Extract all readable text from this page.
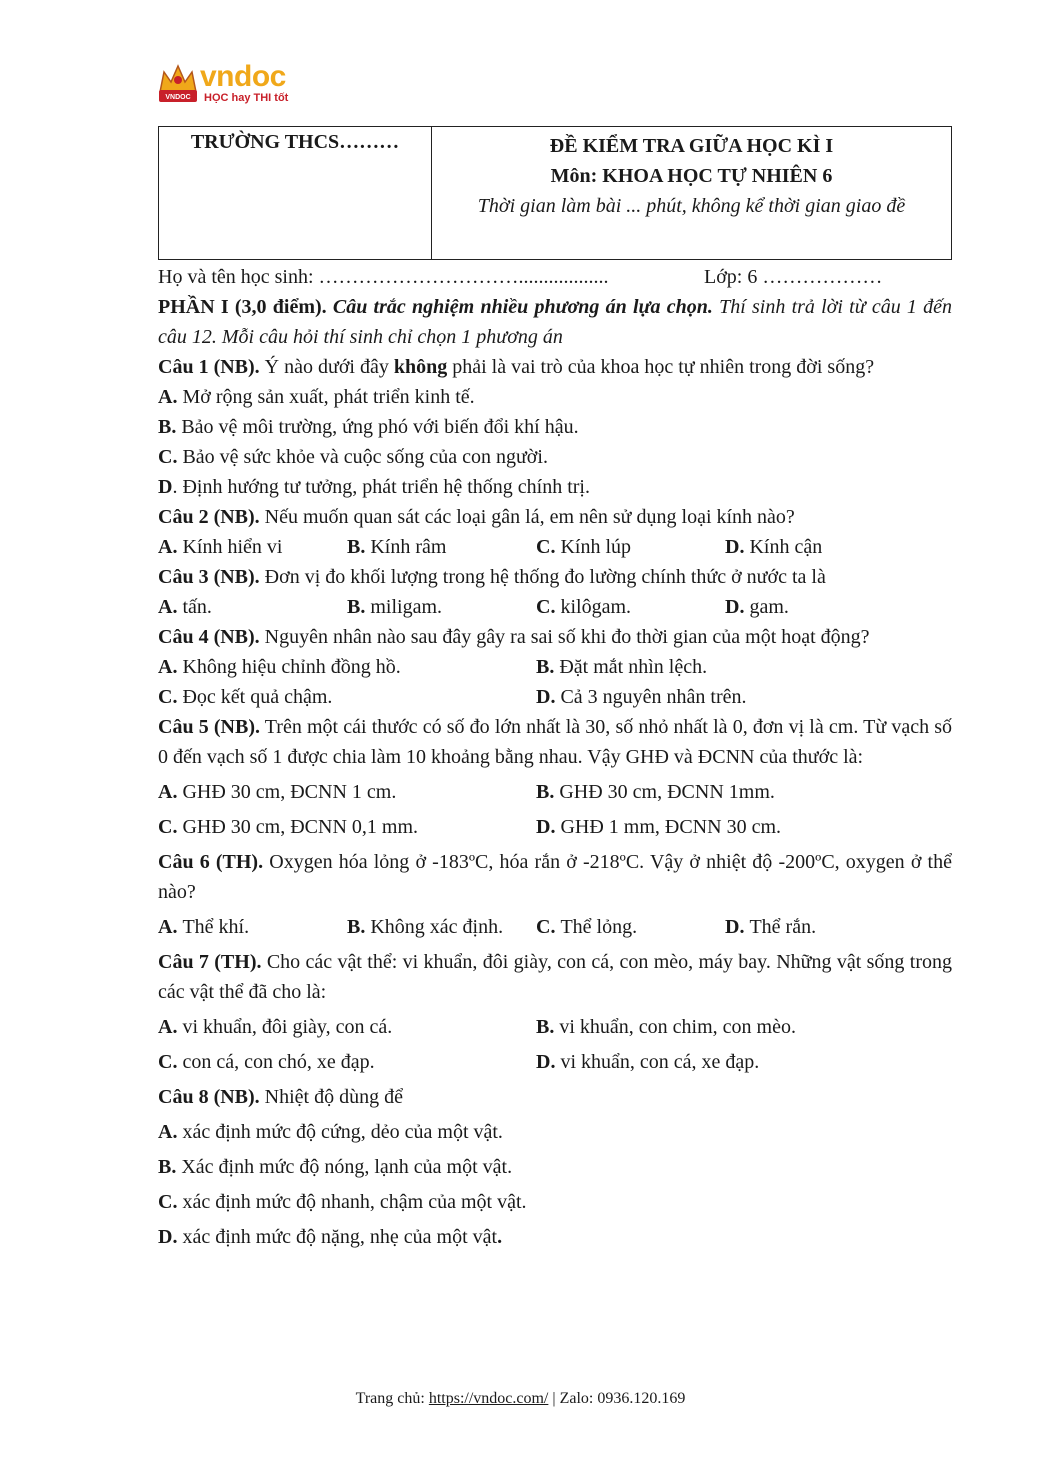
VNDOC
vndoc
HỌC hay THI tốt
TRƯỜNG THCS………	ĐỀ KIỂM TRA GIỮA HỌC KÌ I
Môn: KHOA HỌC TỰ NHIÊN 6
Thời gian làm bài ... phút, không kể thời gian giao đề
Họ và tên học sinh: …………………………..................	Lớp: 6 ………………

PHẦN I (3,0 điểm). Câu trắc nghiệm nhiều phương án lựa chọn. Thí sinh trả lời từ câu 1 đến câu 12. Mỗi câu hỏi thí sinh chỉ chọn 1 phương án

Câu 1 (NB). Ý nào dưới đây không phải là vai trò của khoa học tự nhiên trong đời sống?

A. Mở rộng sản xuất, phát triển kinh tế.

B. Bảo vệ môi trường, ứng phó với biến đổi khí hậu.

C. Bảo vệ sức khỏe và cuộc sống của con người.

D. Định hướng tư tưởng, phát triển hệ thống chính trị.

Câu 2 (NB). Nếu muốn quan sát các loại gân lá, em nên sử dụng loại kính nào?

A. Kính hiển vi	B. Kính râm	C. Kính lúp	D. Kính cận

Câu 3 (NB). Đơn vị đo khối lượng trong hệ thống đo lường chính thức ở nước ta là

A. tấn.	B. miligam.	C. kilôgam.	D. gam.

Câu 4 (NB). Nguyên nhân nào sau đây gây ra sai số khi đo thời gian của một hoạt động?

A. Không hiệu chỉnh đồng hồ.	B. Đặt mắt nhìn lệch.
C. Đọc kết quả chậm.	D. Cả 3 nguyên nhân trên.

Câu 5 (NB). Trên một cái thước có số đo lớn nhất là 30, số nhỏ nhất là 0, đơn vị là cm. Từ vạch số 0 đến vạch số 1 được chia làm 10 khoảng bằng nhau. Vậy GHĐ và ĐCNN của thước là:

A. GHĐ 30 cm, ĐCNN 1 cm.	B. GHĐ 30 cm, ĐCNN 1mm.
C. GHĐ 30 cm, ĐCNN 0,1 mm.	D. GHĐ 1 mm, ĐCNN 30 cm.

Câu 6 (TH). Oxygen hóa lỏng ở -183ºC, hóa rắn ở -218ºC. Vậy ở nhiệt độ -200ºC, oxygen ở thể nào?

A. Thể khí.	B. Không xác định.	C. Thể lỏng.	D. Thể rắn.

Câu 7 (TH). Cho các vật thể: vi khuẩn, đôi giày, con cá, con mèo, máy bay. Những vật sống trong các vật thể đã cho là:

A. vi khuẩn, đôi giày, con cá.	B. vi khuẩn, con chim, con mèo.
C. con cá, con chó, xe đạp.	D. vi khuẩn, con cá, xe đạp.

Câu 8 (NB). Nhiệt độ dùng để

A. xác định mức độ cứng, dẻo của một vật.

B. Xác định mức độ nóng, lạnh của một vật.

C. xác định mức độ nhanh, chậm của một vật.

D. xác định mức độ nặng, nhẹ của một vật.

Trang chủ: https://vndoc.com/ | Zalo: 0936.120.169
